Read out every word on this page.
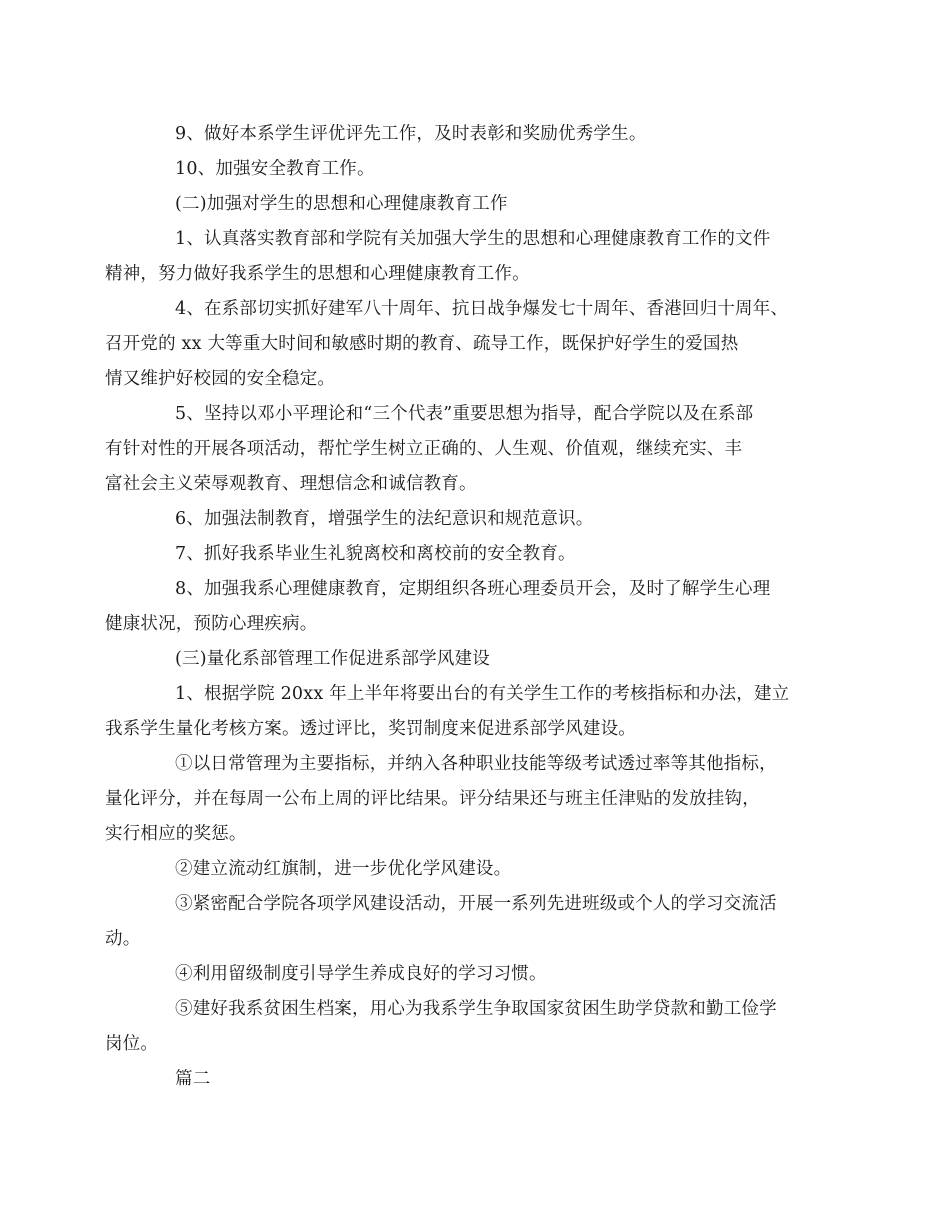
9、做好本系学生评优评先工作，及时表彰和奖励优秀学生。

10、加强安全教育工作。

(二)加强对学生的思想和心理健康教育工作

1、认真落实教育部和学院有关加强大学生的思想和心理健康教育工作的文件
精神，努力做好我系学生的思想和心理健康教育工作。

4、在系部切实抓好建军八十周年、抗日战争爆发七十周年、香港回归十周年、
召开党的 xx 大等重大时间和敏感时期的教育、疏导工作，既保护好学生的爱国热
情又维护好校园的安全稳定。

5、坚持以邓小平理论和“三个代表”重要思想为指导，配合学院以及在系部
有针对性的开展各项活动，帮忙学生树立正确的、人生观、价值观，继续充实、丰
富社会主义荣辱观教育、理想信念和诚信教育。

6、加强法制教育，增强学生的法纪意识和规范意识。

7、抓好我系毕业生礼貌离校和离校前的安全教育。

8、加强我系心理健康教育，定期组织各班心理委员开会，及时了解学生心理
健康状况，预防心理疾病。

(三)量化系部管理工作促进系部学风建设

1、根据学院 20xx 年上半年将要出台的有关学生工作的考核指标和办法，建立
我系学生量化考核方案。透过评比，奖罚制度来促进系部学风建设。

①以日常管理为主要指标，并纳入各种职业技能等级考试透过率等其他指标，
量化评分，并在每周一公布上周的评比结果。评分结果还与班主任津贴的发放挂钩，
实行相应的奖惩。

②建立流动红旗制，进一步优化学风建设。

③紧密配合学院各项学风建设活动，开展一系列先进班级或个人的学习交流活
动。

④利用留级制度引导学生养成良好的学习习惯。

⑤建好我系贫困生档案，用心为我系学生争取国家贫困生助学贷款和勤工俭学
岗位。

篇二
